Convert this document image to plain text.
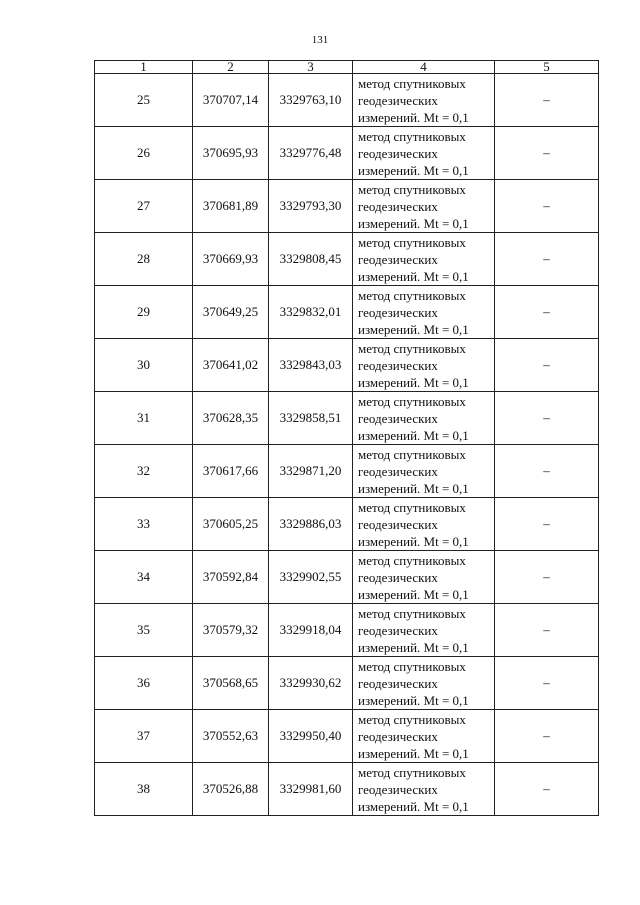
131
1	2	3	4	5
25	370707,14	3329763,10	метод спутниковых
геодезических
измерений. Mt = 0,1	–
26	370695,93	3329776,48	метод спутниковых
геодезических
измерений. Mt = 0,1	–
27	370681,89	3329793,30	метод спутниковых
геодезических
измерений. Mt = 0,1	–
28	370669,93	3329808,45	метод спутниковых
геодезических
измерений. Mt = 0,1	–
29	370649,25	3329832,01	метод спутниковых
геодезических
измерений. Mt = 0,1	–
30	370641,02	3329843,03	метод спутниковых
геодезических
измерений. Mt = 0,1	–
31	370628,35	3329858,51	метод спутниковых
геодезических
измерений. Mt = 0,1	–
32	370617,66	3329871,20	метод спутниковых
геодезических
измерений. Mt = 0,1	–
33	370605,25	3329886,03	метод спутниковых
геодезических
измерений. Mt = 0,1	–
34	370592,84	3329902,55	метод спутниковых
геодезических
измерений. Mt = 0,1	–
35	370579,32	3329918,04	метод спутниковых
геодезических
измерений. Mt = 0,1	–
36	370568,65	3329930,62	метод спутниковых
геодезических
измерений. Mt = 0,1	–
37	370552,63	3329950,40	метод спутниковых
геодезических
измерений. Mt = 0,1	–
38	370526,88	3329981,60	метод спутниковых
геодезических
измерений. Mt = 0,1	–
